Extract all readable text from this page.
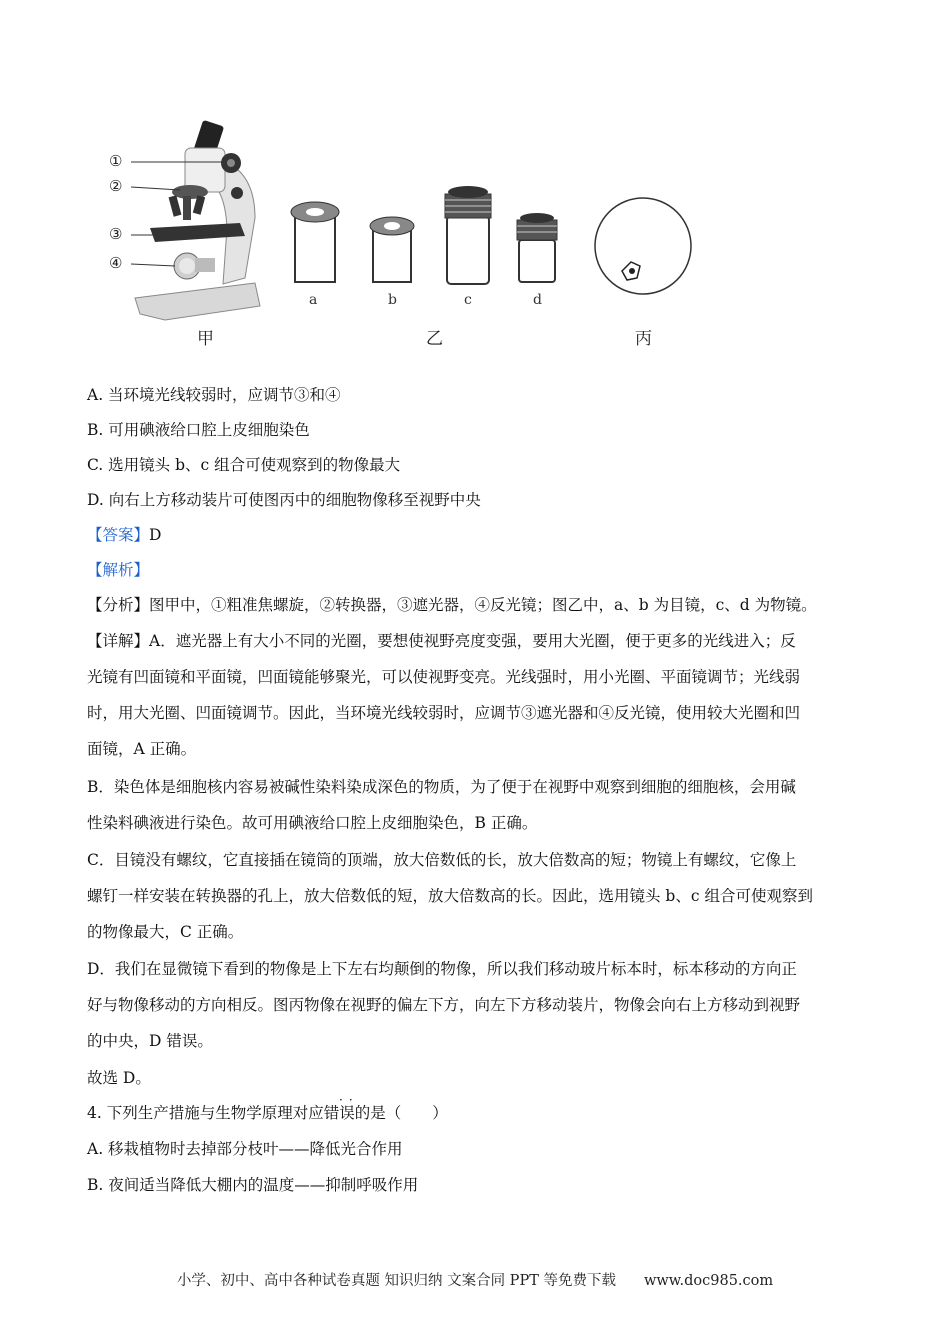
①
②
③
④
a	b	c	d
甲	乙	丙
A. 当环境光线较弱时，应调节③和④
B. 可用碘液给口腔上皮细胞染色
C. 选用镜头 b、c 组合可使观察到的物像最大
D. 向右上方移动装片可使图丙中的细胞物像移至视野中央
【答案】D
【解析】
【分析】图甲中，①粗准焦螺旋，②转换器，③遮光器，④反光镜；图乙中，a、b 为目镜，c、d 为物镜。
【详解】A．遮光器上有大小不同的光圈，要想使视野亮度变强，要用大光圈，便于更多的光线进入；反
光镜有凹面镜和平面镜，凹面镜能够聚光，可以使视野变亮。光线强时，用小光圈、平面镜调节；光线弱
时，用大光圈、凹面镜调节。因此，当环境光线较弱时，应调节③遮光器和④反光镜，使用较大光圈和凹
面镜，A 正确。
B．染色体是细胞核内容易被碱性染料染成深色的物质，为了便于在视野中观察到细胞的细胞核，会用碱
性染料碘液进行染色。故可用碘液给口腔上皮细胞染色，B 正确。
C．目镜没有螺纹，它直接插在镜筒的顶端，放大倍数低的长，放大倍数高的短；物镜上有螺纹，它像上
螺钉一样安装在转换器的孔上，放大倍数低的短，放大倍数高的长。因此，选用镜头 b、c 组合可使观察到
的物像最大，C 正确。
D．我们在显微镜下看到的物像是上下左右均颠倒的物像，所以我们移动玻片标本时，标本移动的方向正
好与物像移动的方向相反。图丙物像在视野的偏左下方，向左下方移动装片，物像会向右上方移动到视野
的中央，D 错误。
故选 D。
··
4. 下列生产措施与生物学原理对应错误的是（　　）
A. 移栽植物时去掉部分枝叶——降低光合作用
B. 夜间适当降低大棚内的温度——抑制呼吸作用
小学、初中、高中各种试卷真题 知识归纳 文案合同 PPT 等免费下载 www.doc985.com
